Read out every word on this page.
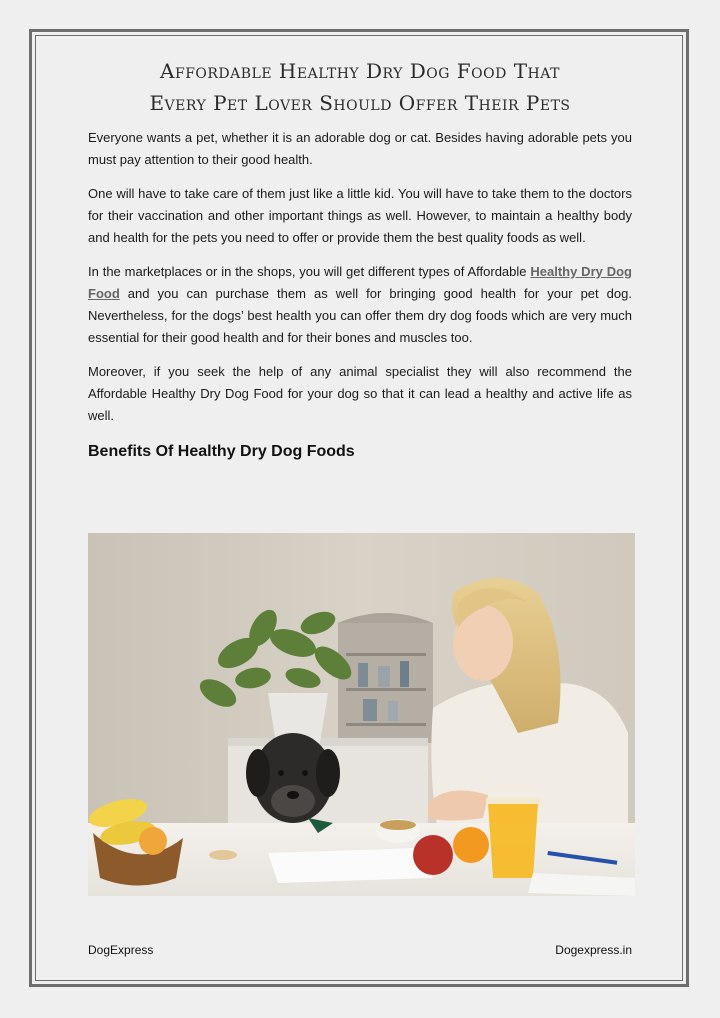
Affordable Healthy Dry Dog Food That
Every Pet Lover Should Offer Their Pets

Everyone wants a pet, whether it is an adorable dog or cat. Besides having adorable pets you must pay attention to their good health.

One will have to take care of them just like a little kid. You will have to take them to the doctors for their vaccination and other important things as well. However, to maintain a healthy body and health for the pets you need to offer or provide them the best quality foods as well.

In the marketplaces or in the shops, you will get different types of Affordable Healthy Dry Dog Food and you can purchase them as well for bringing good health for your pet dog. Nevertheless, for the dogs’ best health you can offer them dry dog foods which are very much essential for their good health and for their bones and muscles too.

Moreover, if you seek the help of any animal specialist they will also recommend the Affordable Healthy Dry Dog Food for your dog so that it can lead a healthy and active life as well.

Benefits Of Healthy Dry Dog Foods
DogExpress	Dogexpress.in
